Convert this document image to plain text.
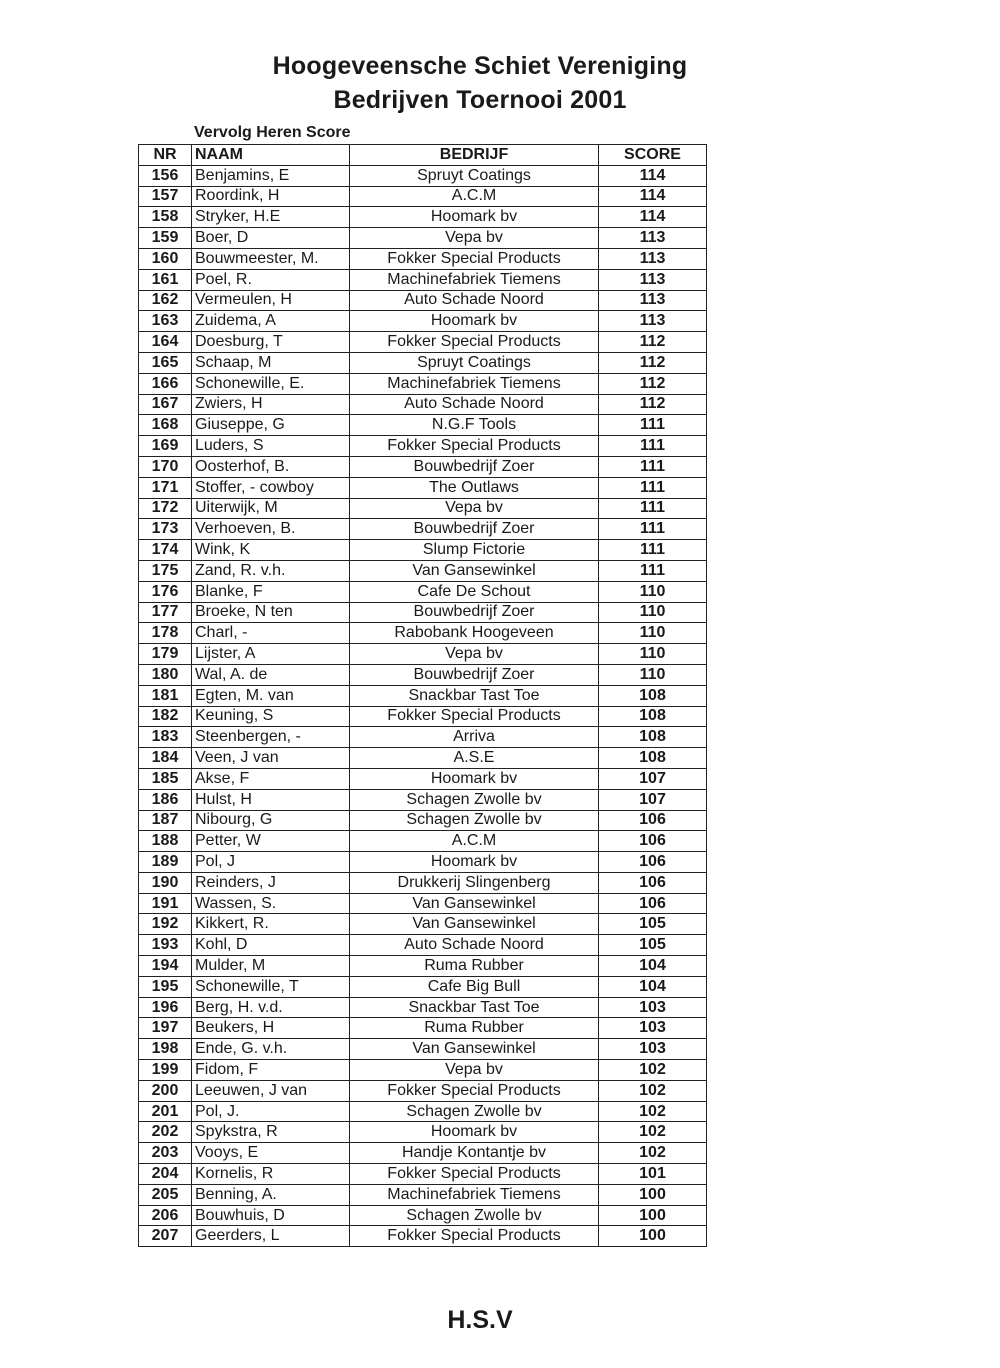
Hoogeveensche Schiet Vereniging
Bedrijven Toernooi 2001
Vervolg Heren Score
NR	NAAM	BEDRIJF	SCORE
156	Benjamins, E	Spruyt Coatings	114
157	Roordink, H	A.C.M	114
158	Stryker, H.E	Hoomark bv	114
159	Boer, D	Vepa bv	113
160	Bouwmeester, M.	Fokker Special Products	113
161	Poel, R.	Machinefabriek Tiemens	113
162	Vermeulen, H	Auto Schade Noord	113
163	Zuidema, A	Hoomark bv	113
164	Doesburg, T	Fokker Special Products	112
165	Schaap, M	Spruyt Coatings	112
166	Schonewille, E.	Machinefabriek Tiemens	112
167	Zwiers, H	Auto Schade Noord	112
168	Giuseppe, G	N.G.F Tools	111
169	Luders, S	Fokker Special Products	111
170	Oosterhof, B.	Bouwbedrijf Zoer	111
171	Stoffer, - cowboy	The Outlaws	111
172	Uiterwijk, M	Vepa bv	111
173	Verhoeven, B.	Bouwbedrijf Zoer	111
174	Wink, K	Slump Fictorie	111
175	Zand, R. v.h.	Van Gansewinkel	111
176	Blanke, F	Cafe De Schout	110
177	Broeke, N ten	Bouwbedrijf Zoer	110
178	Charl, -	Rabobank Hoogeveen	110
179	Lijster, A	Vepa bv	110
180	Wal, A. de	Bouwbedrijf Zoer	110
181	Egten, M. van	Snackbar Tast Toe	108
182	Keuning, S	Fokker Special Products	108
183	Steenbergen, -	Arriva	108
184	Veen, J van	A.S.E	108
185	Akse, F	Hoomark bv	107
186	Hulst, H	Schagen Zwolle bv	107
187	Nibourg, G	Schagen Zwolle bv	106
188	Petter, W	A.C.M	106
189	Pol, J	Hoomark bv	106
190	Reinders, J	Drukkerij Slingenberg	106
191	Wassen, S.	Van Gansewinkel	106
192	Kikkert, R.	Van Gansewinkel	105
193	Kohl, D	Auto Schade Noord	105
194	Mulder, M	Ruma Rubber	104
195	Schonewille, T	Cafe Big Bull	104
196	Berg, H. v.d.	Snackbar Tast Toe	103
197	Beukers, H	Ruma Rubber	103
198	Ende, G. v.h.	Van Gansewinkel	103
199	Fidom, F	Vepa bv	102
200	Leeuwen, J van	Fokker Special Products	102
201	Pol, J.	Schagen Zwolle bv	102
202	Spykstra, R	Hoomark bv	102
203	Vooys, E	Handje Kontantje bv	102
204	Kornelis, R	Fokker Special Products	101
205	Benning, A.	Machinefabriek Tiemens	100
206	Bouwhuis, D	Schagen Zwolle bv	100
207	Geerders, L	Fokker Special Products	100
H.S.V
